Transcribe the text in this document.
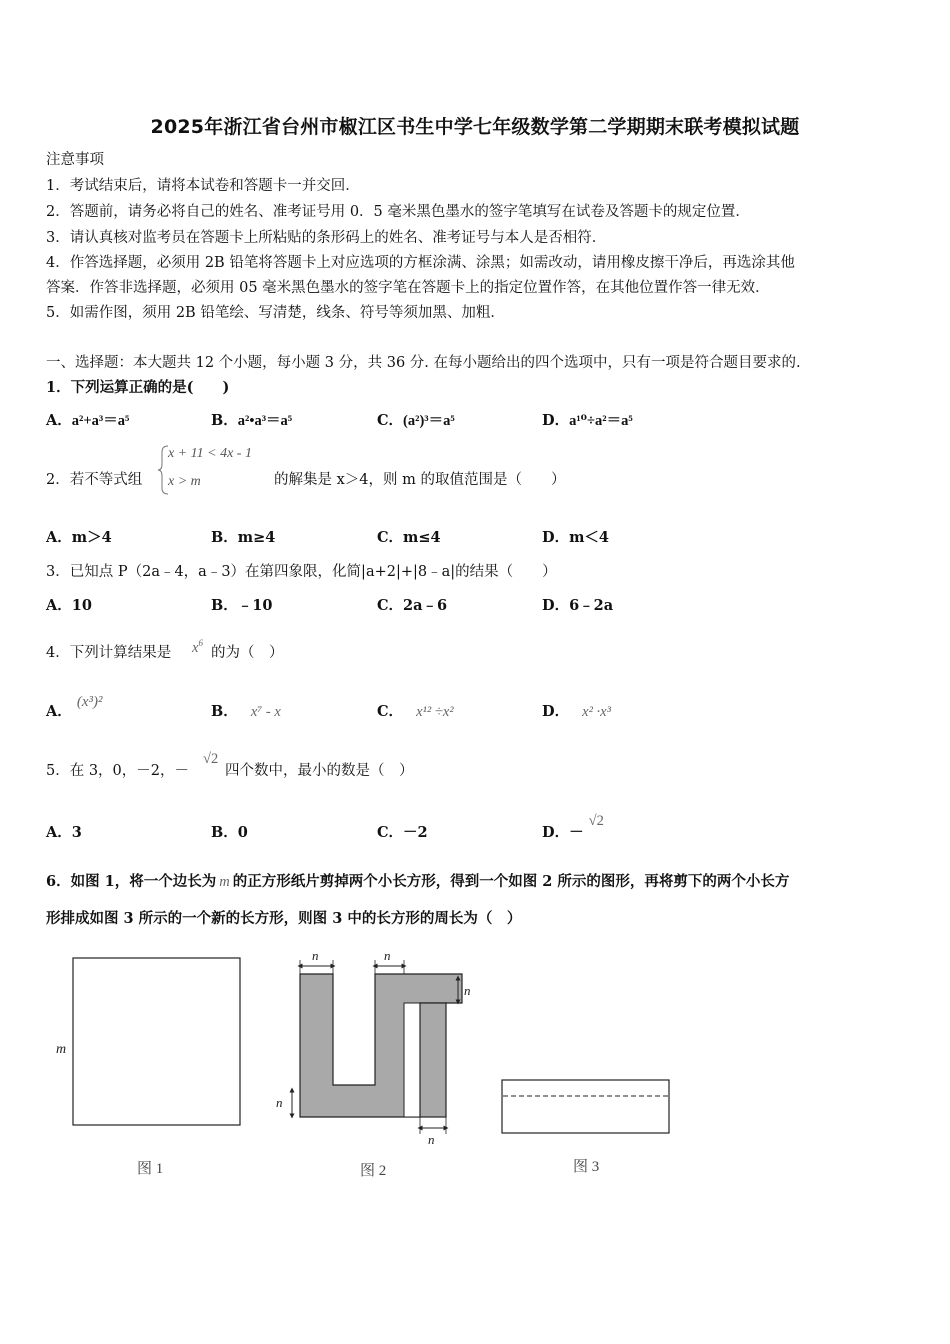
2025年浙江省台州市椒江区书生中学七年级数学第二学期期末联考模拟试题
注意事项
1．考试结束后，请将本试卷和答题卡一并交回．
2．答题前，请务必将自己的姓名、准考证号用 0．5 毫米黑色墨水的签字笔填写在试卷及答题卡的规定位置．
3．请认真核对监考员在答题卡上所粘贴的条形码上的姓名、准考证号与本人是否相符．
4．作答选择题，必须用 2B 铅笔将答题卡上对应选项的方框涂满、涂黑；如需改动，请用橡皮擦干净后，再选涂其他
答案．作答非选择题，必须用 05 毫米黑色墨水的签字笔在答题卡上的指定位置作答，在其他位置作答一律无效．
5．如需作图，须用 2B 铅笔绘、写清楚，线条、符号等须加黑、加粗．
一、选择题：本大题共 12 个小题，每小题 3 分，共 36 分. 在每小题给出的四个选项中，只有一项是符合题目要求的.
1．下列运算正确的是(　　)
A．a²+a³＝a⁵	B．a²•a³＝a⁵	C．(a²)³＝a⁵	D．a¹⁰÷a²＝a⁵
2．若不等式组
x + 11 < 4x - 1
x > m	的解集是 x＞4，则 m 的取值范围是（　　）
A．m＞4	B．m≥4	C．m≤4	D．m＜4
3．已知点 P（2a﹣4，a﹣3）在第四象限，化简|a+2|+|8﹣a|的结果（　　）
A．10	B．﹣10	C．2a﹣6	D．6﹣2a
4．下列计算结果是 $x^6$
的为（　）
A． (x³)²
B． x⁷ - x	C． x¹² ÷x²	D． x² ·x³
5．在 3，0，－2，－
√2
四个数中，最小的数是（　）
A．3	B．0	C．－2	D．－ √2
6．如图 1，将一个边长为 m 的正方形纸片剪掉两个小长方形，得到一个如图 2 所示的图形，再将剪下的两个小长方
形排成如图 3 所示的一个新的长方形，则图 3 中的长方形的周长为（　）
m
图 1
n	n
n
n
n
图 2	图 3
